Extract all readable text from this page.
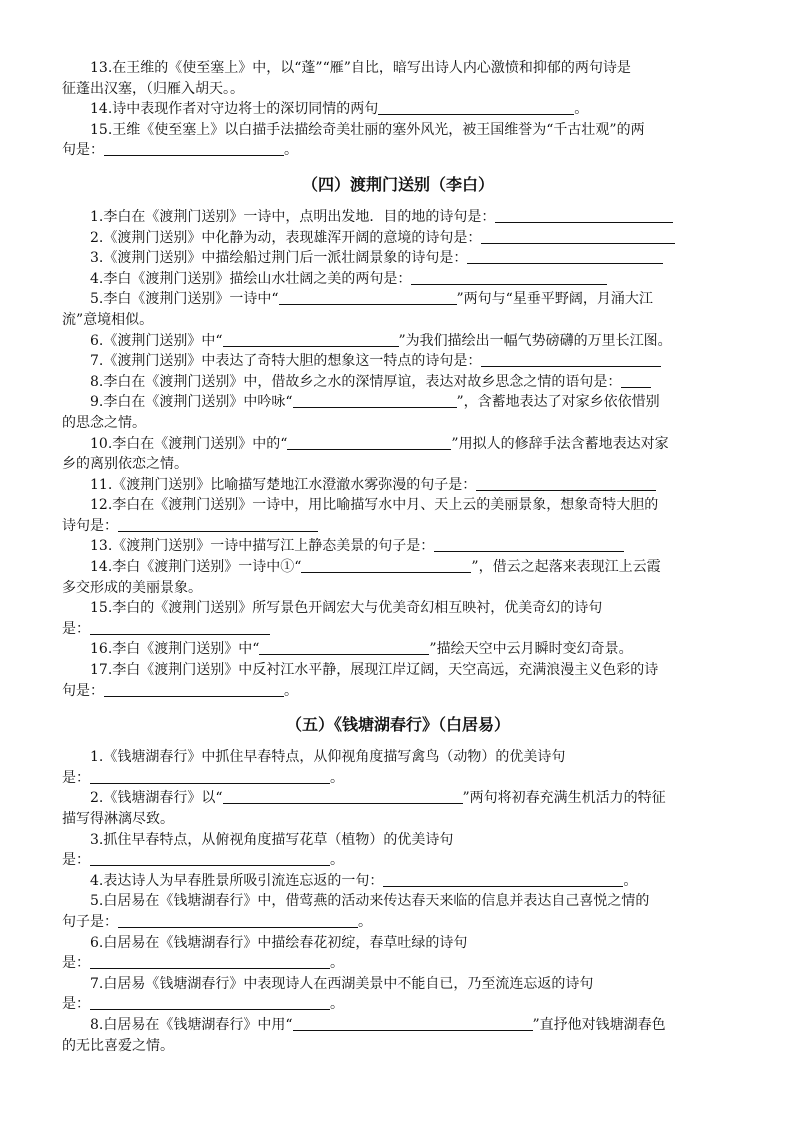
13.在王维的《使至塞上》中，以“蓬”“雁”自比，暗写出诗人内心激愤和抑郁的两句诗是
征蓬出汉塞，（归雁入胡天。。
14.诗中表现作者对守边将士的深切同情的两句	。
15.王维《使至塞上》以白描手法描绘奇美壮丽的塞外风光，被王国维誉为“千古壮观”的两
句是：	。
（四）渡荆门送别（李白）
1.李白在《渡荆门送别》一诗中，点明出发地．目的地的诗句是：
2.《渡荆门送别》中化静为动，表现雄浑开阔的意境的诗句是：
3.《渡荆门送别》中描绘船过荆门后一派壮阔景象的诗句是：
4.李白《渡荆门送别》描绘山水壮阔之美的两句是：
5.李白《渡荆门送别》一诗中“	”两句与“星垂平野阔，月涌大江
流”意境相似。
6.《渡荆门送别》中“	”为我们描绘出一幅气势磅礴的万里长江图。
7.《渡荆门送别》中表达了奇特大胆的想象这一特点的诗句是：
8.李白在《渡荆门送别》中，借故乡之水的深情厚谊，表达对故乡思念之情的语句是：
9.李白在《渡荆门送别》中吟咏“	”，含蓄地表达了对家乡依依惜别
的思念之情。
10.李白在《渡荆门送别》中的“	”用拟人的修辞手法含蓄地表达对家
乡的离别依恋之情。
11.《渡荆门送别》比喻描写楚地江水澄澈水雾弥漫的句子是：
12.李白在《渡荆门送别》一诗中，用比喻描写水中月、天上云的美丽景象，想象奇特大胆的
诗句是：
13.《渡荆门送别》一诗中描写江上静态美景的句子是：
14.李白《渡荆门送别》一诗中①“	”，借云之起落来表现江上云霞
多交形成的美丽景象。
15.李白的《渡荆门送别》所写景色开阔宏大与优美奇幻相互映衬，优美奇幻的诗句
是：
16.李白《渡荆门送别》中“	”描绘天空中云月瞬时变幻奇景。
17.李白《渡荆门送别》中反衬江水平静，展现江岸辽阔，天空高远，充满浪漫主义色彩的诗
句是：	。
（五）《钱塘湖春行》（白居易）
1.《钱塘湖春行》中抓住早春特点，从仰视角度描写禽鸟（动物）的优美诗句
是：	。
2.《钱塘湖春行》以“	”两句将初春充满生机活力的特征
描写得淋漓尽致。
3.抓住早春特点，从俯视角度描写花草（植物）的优美诗句
是：	。
4.表达诗人为早春胜景所吸引流连忘返的一句：	。
5.白居易在《钱塘湖春行》中，借莺燕的活动来传达春天来临的信息并表达自己喜悦之情的
句子是：	。
6.白居易在《钱塘湖春行》中描绘春花初绽，春草吐绿的诗句
是：	。
7.白居易《钱塘湖春行》中表现诗人在西湖美景中不能自已，乃至流连忘返的诗句
是：	。
8.白居易在《钱塘湖春行》中用“	”直抒他对钱塘湖春色
的无比喜爱之情。
